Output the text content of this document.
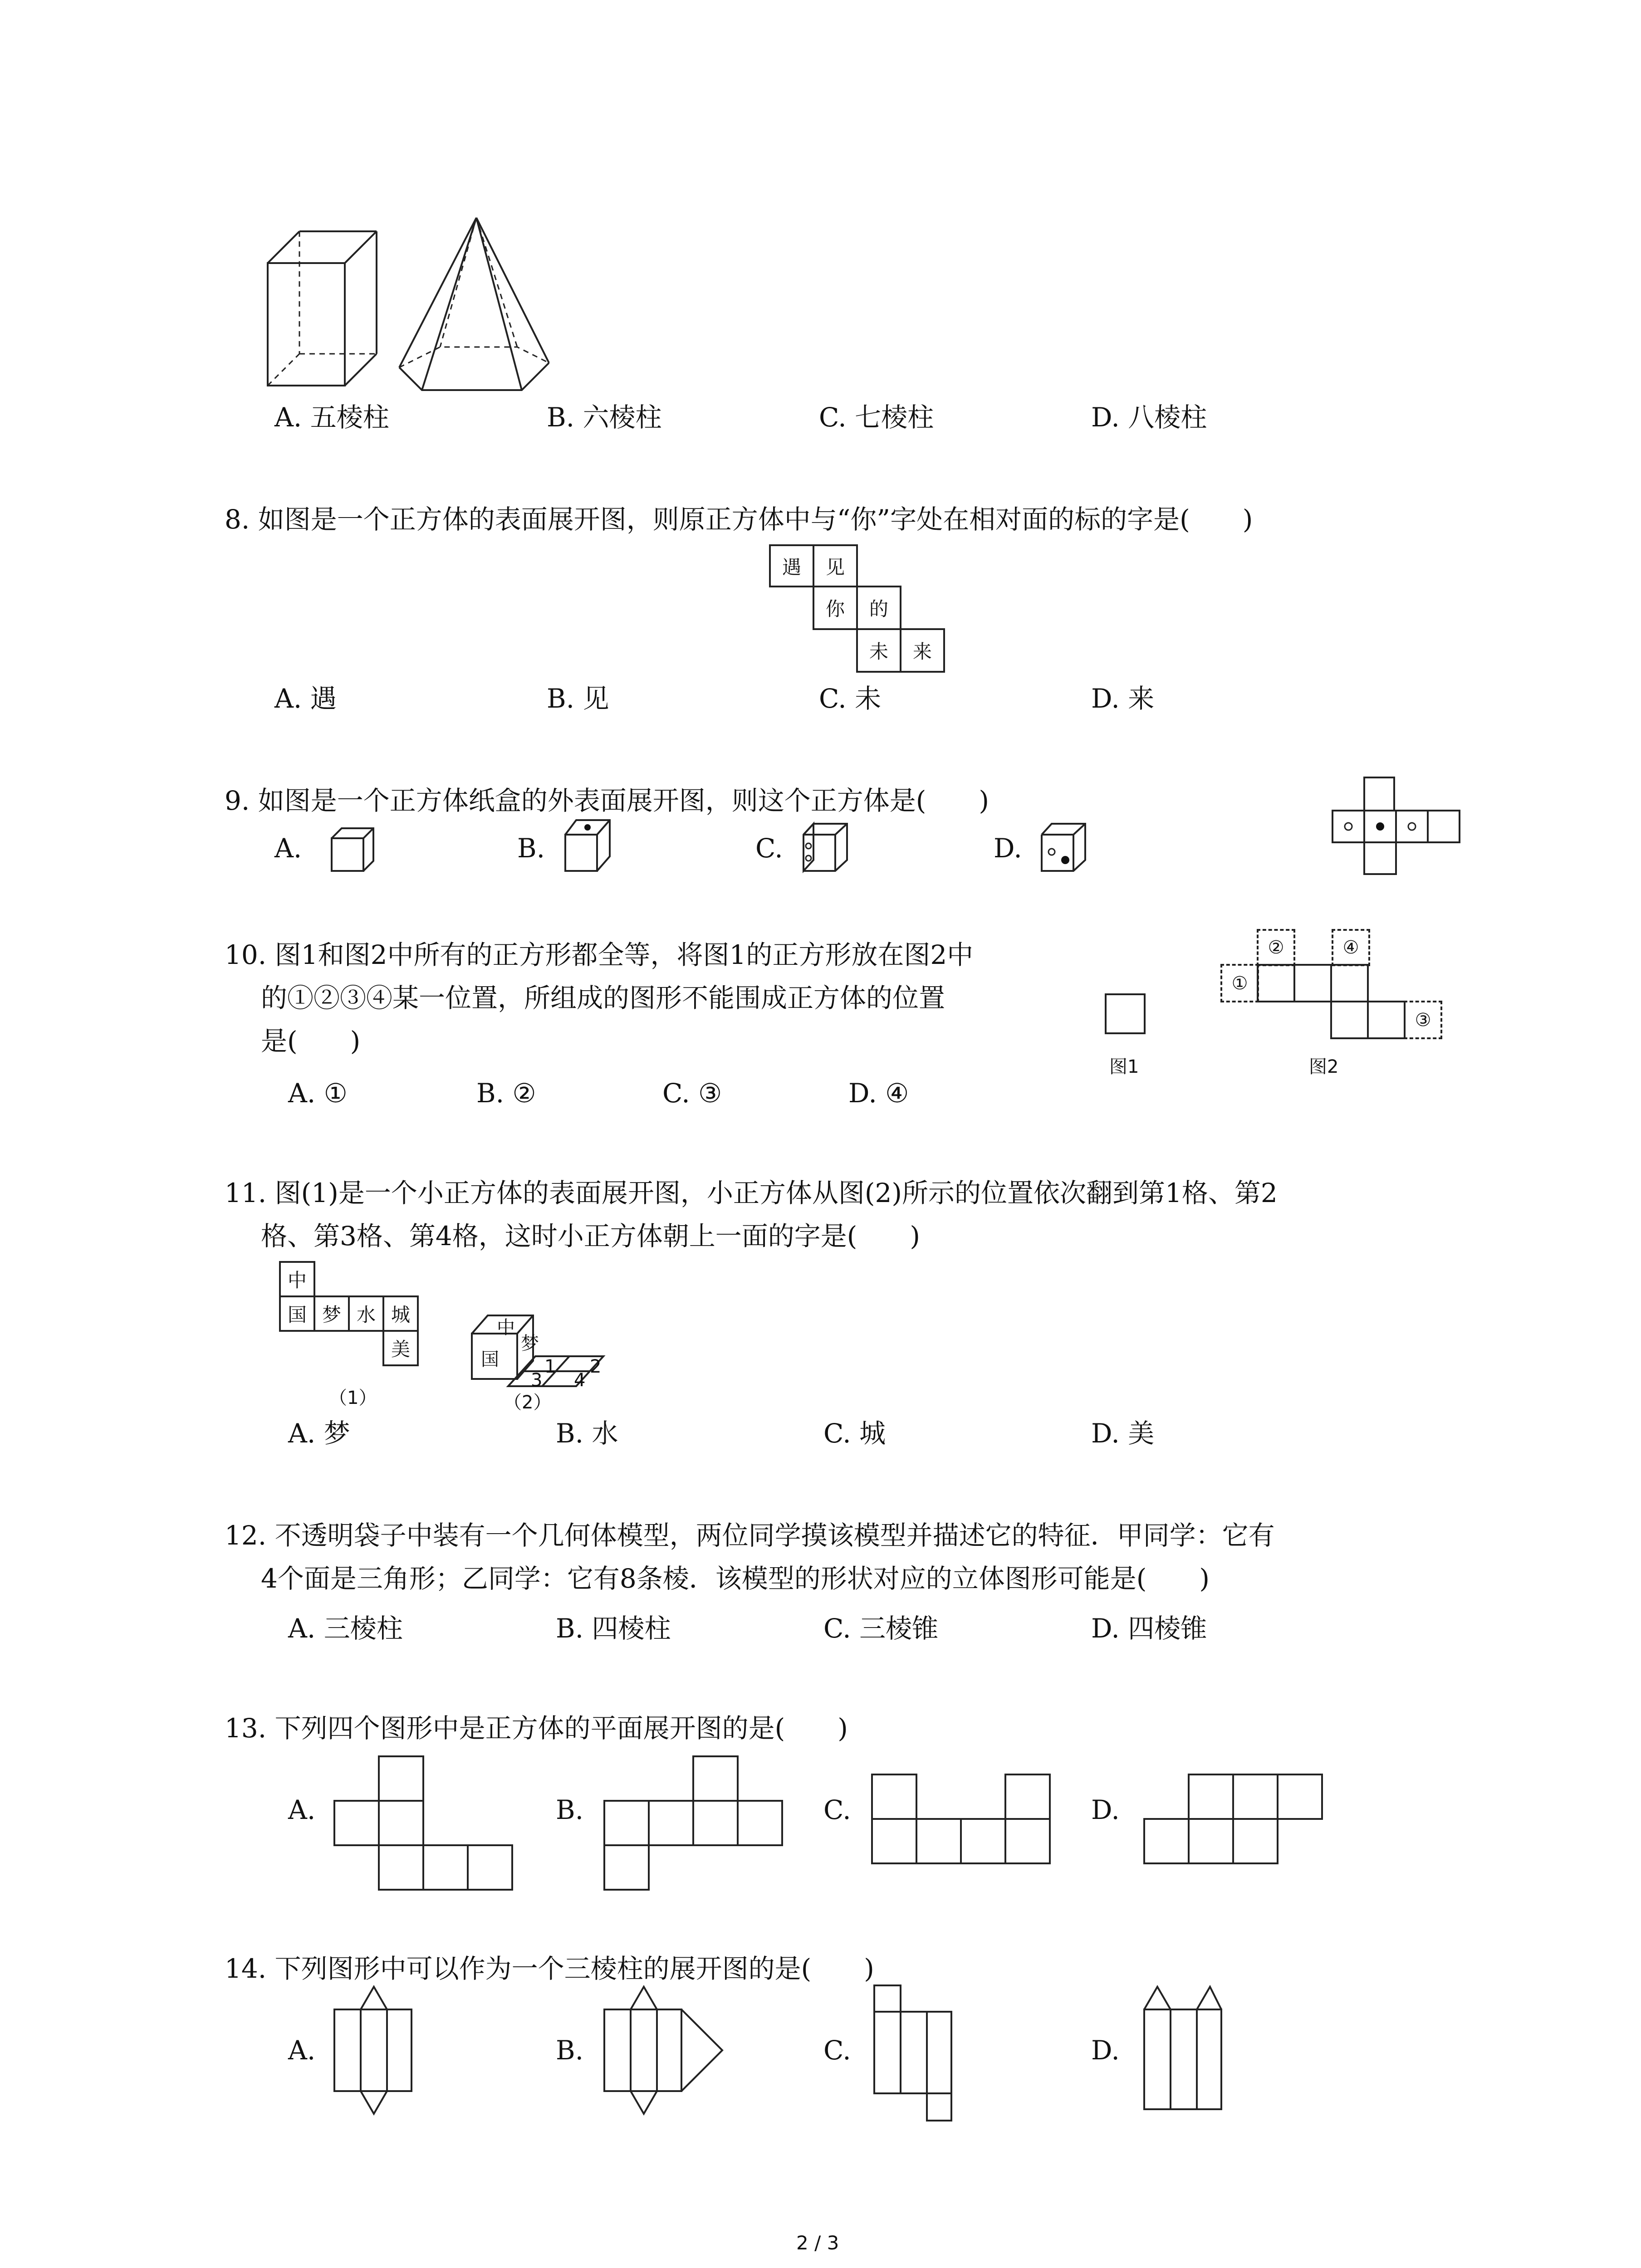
A. 五棱柱	B. 六棱柱	C. 七棱柱	D. 八棱柱
8. 如图是一个正方体的表面展开图，则原正方体中与“你”字处在相对面的标的字是(　　)
遇	见
你	的
未	来
A. 遇	B. 见	C. 未	D. 来
9. 如图是一个正方体纸盒的外表面展开图，则这个正方体是(　　)
A.	B.	C.	D.
10. 图1和图2中所有的正方形都全等，将图1的正方形放在图2中
的①②③④某一位置，所组成的图形不能围成正方体的位置
是(　　)
A. ①	B. ②	C. ③	D. ④
图1
②	④
①
③
图2
11. 图(1)是一个小正方体的表面展开图，小正方体从图(2)所示的位置依次翻到第1格、第2
格、第3格、第4格，这时小正方体朝上一面的字是(　　)
中
国 梦 水 城
美
（1）
中
国
梦
1 2
3 4
（2）
A. 梦	B. 水	C. 城	D. 美
12. 不透明袋子中装有一个几何体模型，两位同学摸该模型并描述它的特征．甲同学：它有
4个面是三角形；乙同学：它有8条棱．该模型的形状对应的立体图形可能是(　　)
A. 三棱柱	B. 四棱柱	C. 三棱锥	D. 四棱锥
13. 下列四个图形中是正方体的平面展开图的是(　　)
A.	B.	C.	D.
14. 下列图形中可以作为一个三棱柱的展开图的是(　　)
A.	B.	C.	D.
2 / 3
